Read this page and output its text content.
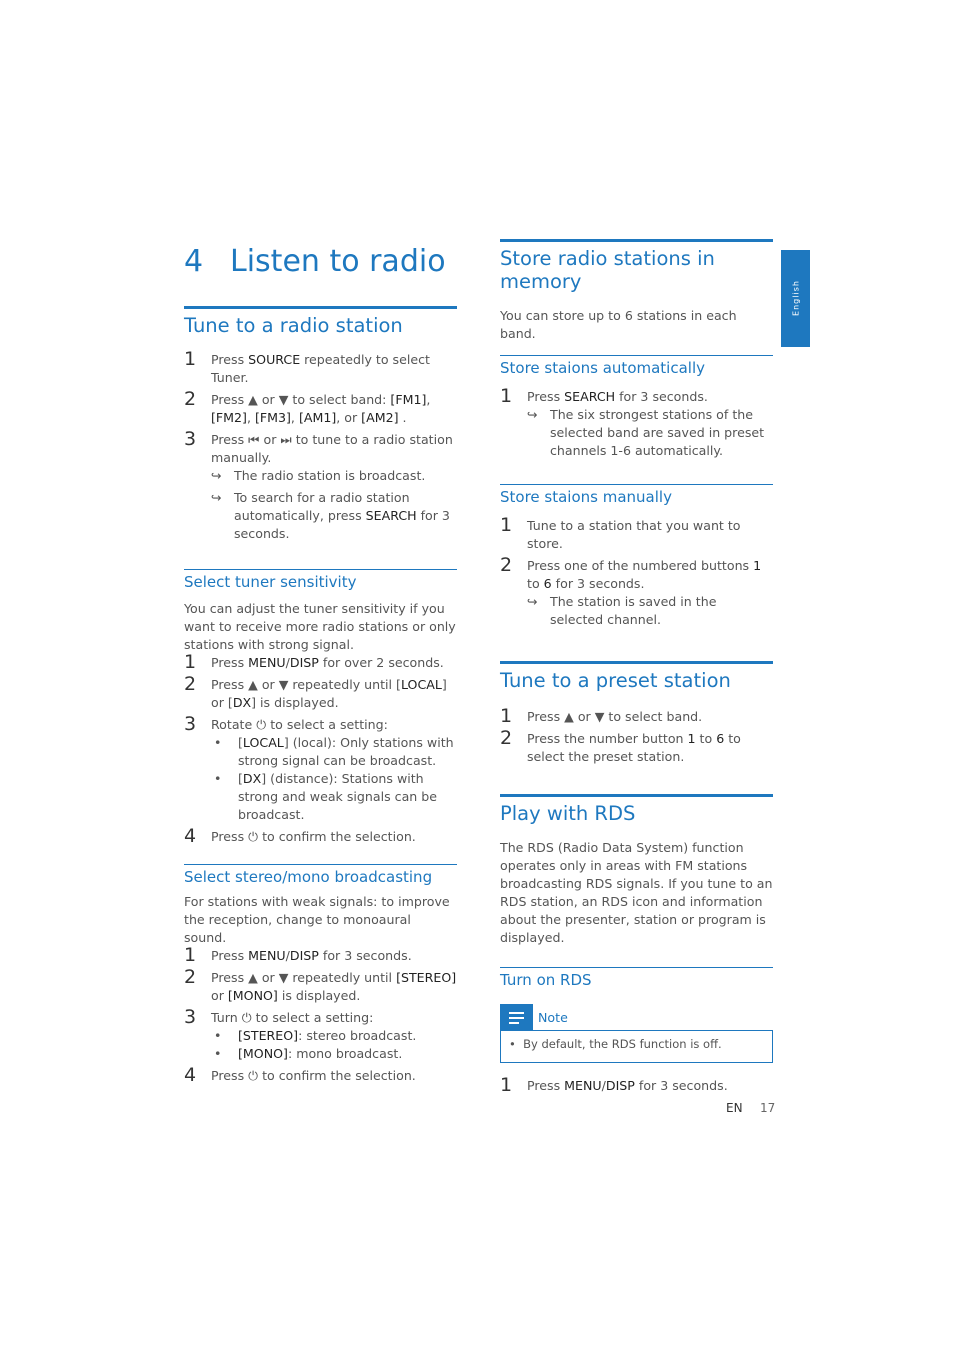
English
4 Listen to radio
Tune to a radio station
1 Press SOURCE repeatedly to select Tuner.
2 Press ▲ or ▼ to select band: [FM1], [FM2], [FM3], [AM1], or [AM2] .
3 Press ⏮ or ⏭ to tune to a radio station manually.
↪ The radio station is broadcast.
↪ To search for a radio station automatically, press SEARCH for 3 seconds.
Select tuner sensitivity
You can adjust the tuner sensitivity if you want to receive more radio stations or only stations with strong signal.
1 Press MENU/DISP for over 2 seconds.
2 Press ▲ or ▼ repeatedly until [LOCAL] or [DX] is displayed.
3 Rotate ⏻ to select a setting:
• [LOCAL] (local): Only stations with strong signal can be broadcast.
• [DX] (distance): Stations with strong and weak signals can be broadcast.
4 Press ⏻ to confirm the selection.
Select stereo/mono broadcasting
For stations with weak signals: to improve the reception, change to monoaural sound.
1 Press MENU/DISP for 3 seconds.
2 Press ▲ or ▼ repeatedly until [STEREO] or [MONO] is displayed.
3 Turn ⏻ to select a setting:
• [STEREO]: stereo broadcast.
• [MONO]: mono broadcast.
4 Press ⏻ to confirm the selection.
Store radio stations in memory
You can store up to 6 stations in each band.
Store staions automatically
1 Press SEARCH for 3 seconds.
↪ The six strongest stations of the selected band are saved in preset channels 1-6 automatically.
Store staions manually
1 Tune to a station that you want to store.
2 Press one of the numbered buttons 1 to 6 for 3 seconds.
↪ The station is saved in the selected channel.
Tune to a preset station
1 Press ▲ or ▼ to select band.
2 Press the number button 1 to 6 to select the preset station.
Play with RDS
The RDS (Radio Data System) function operates only in areas with FM stations broadcasting RDS signals. If you tune to an RDS station, an RDS icon and information about the presenter, station or program is displayed.
Turn on RDS
Note
•  By default, the RDS function is off.
1 Press MENU/DISP for 3 seconds.
EN 17
